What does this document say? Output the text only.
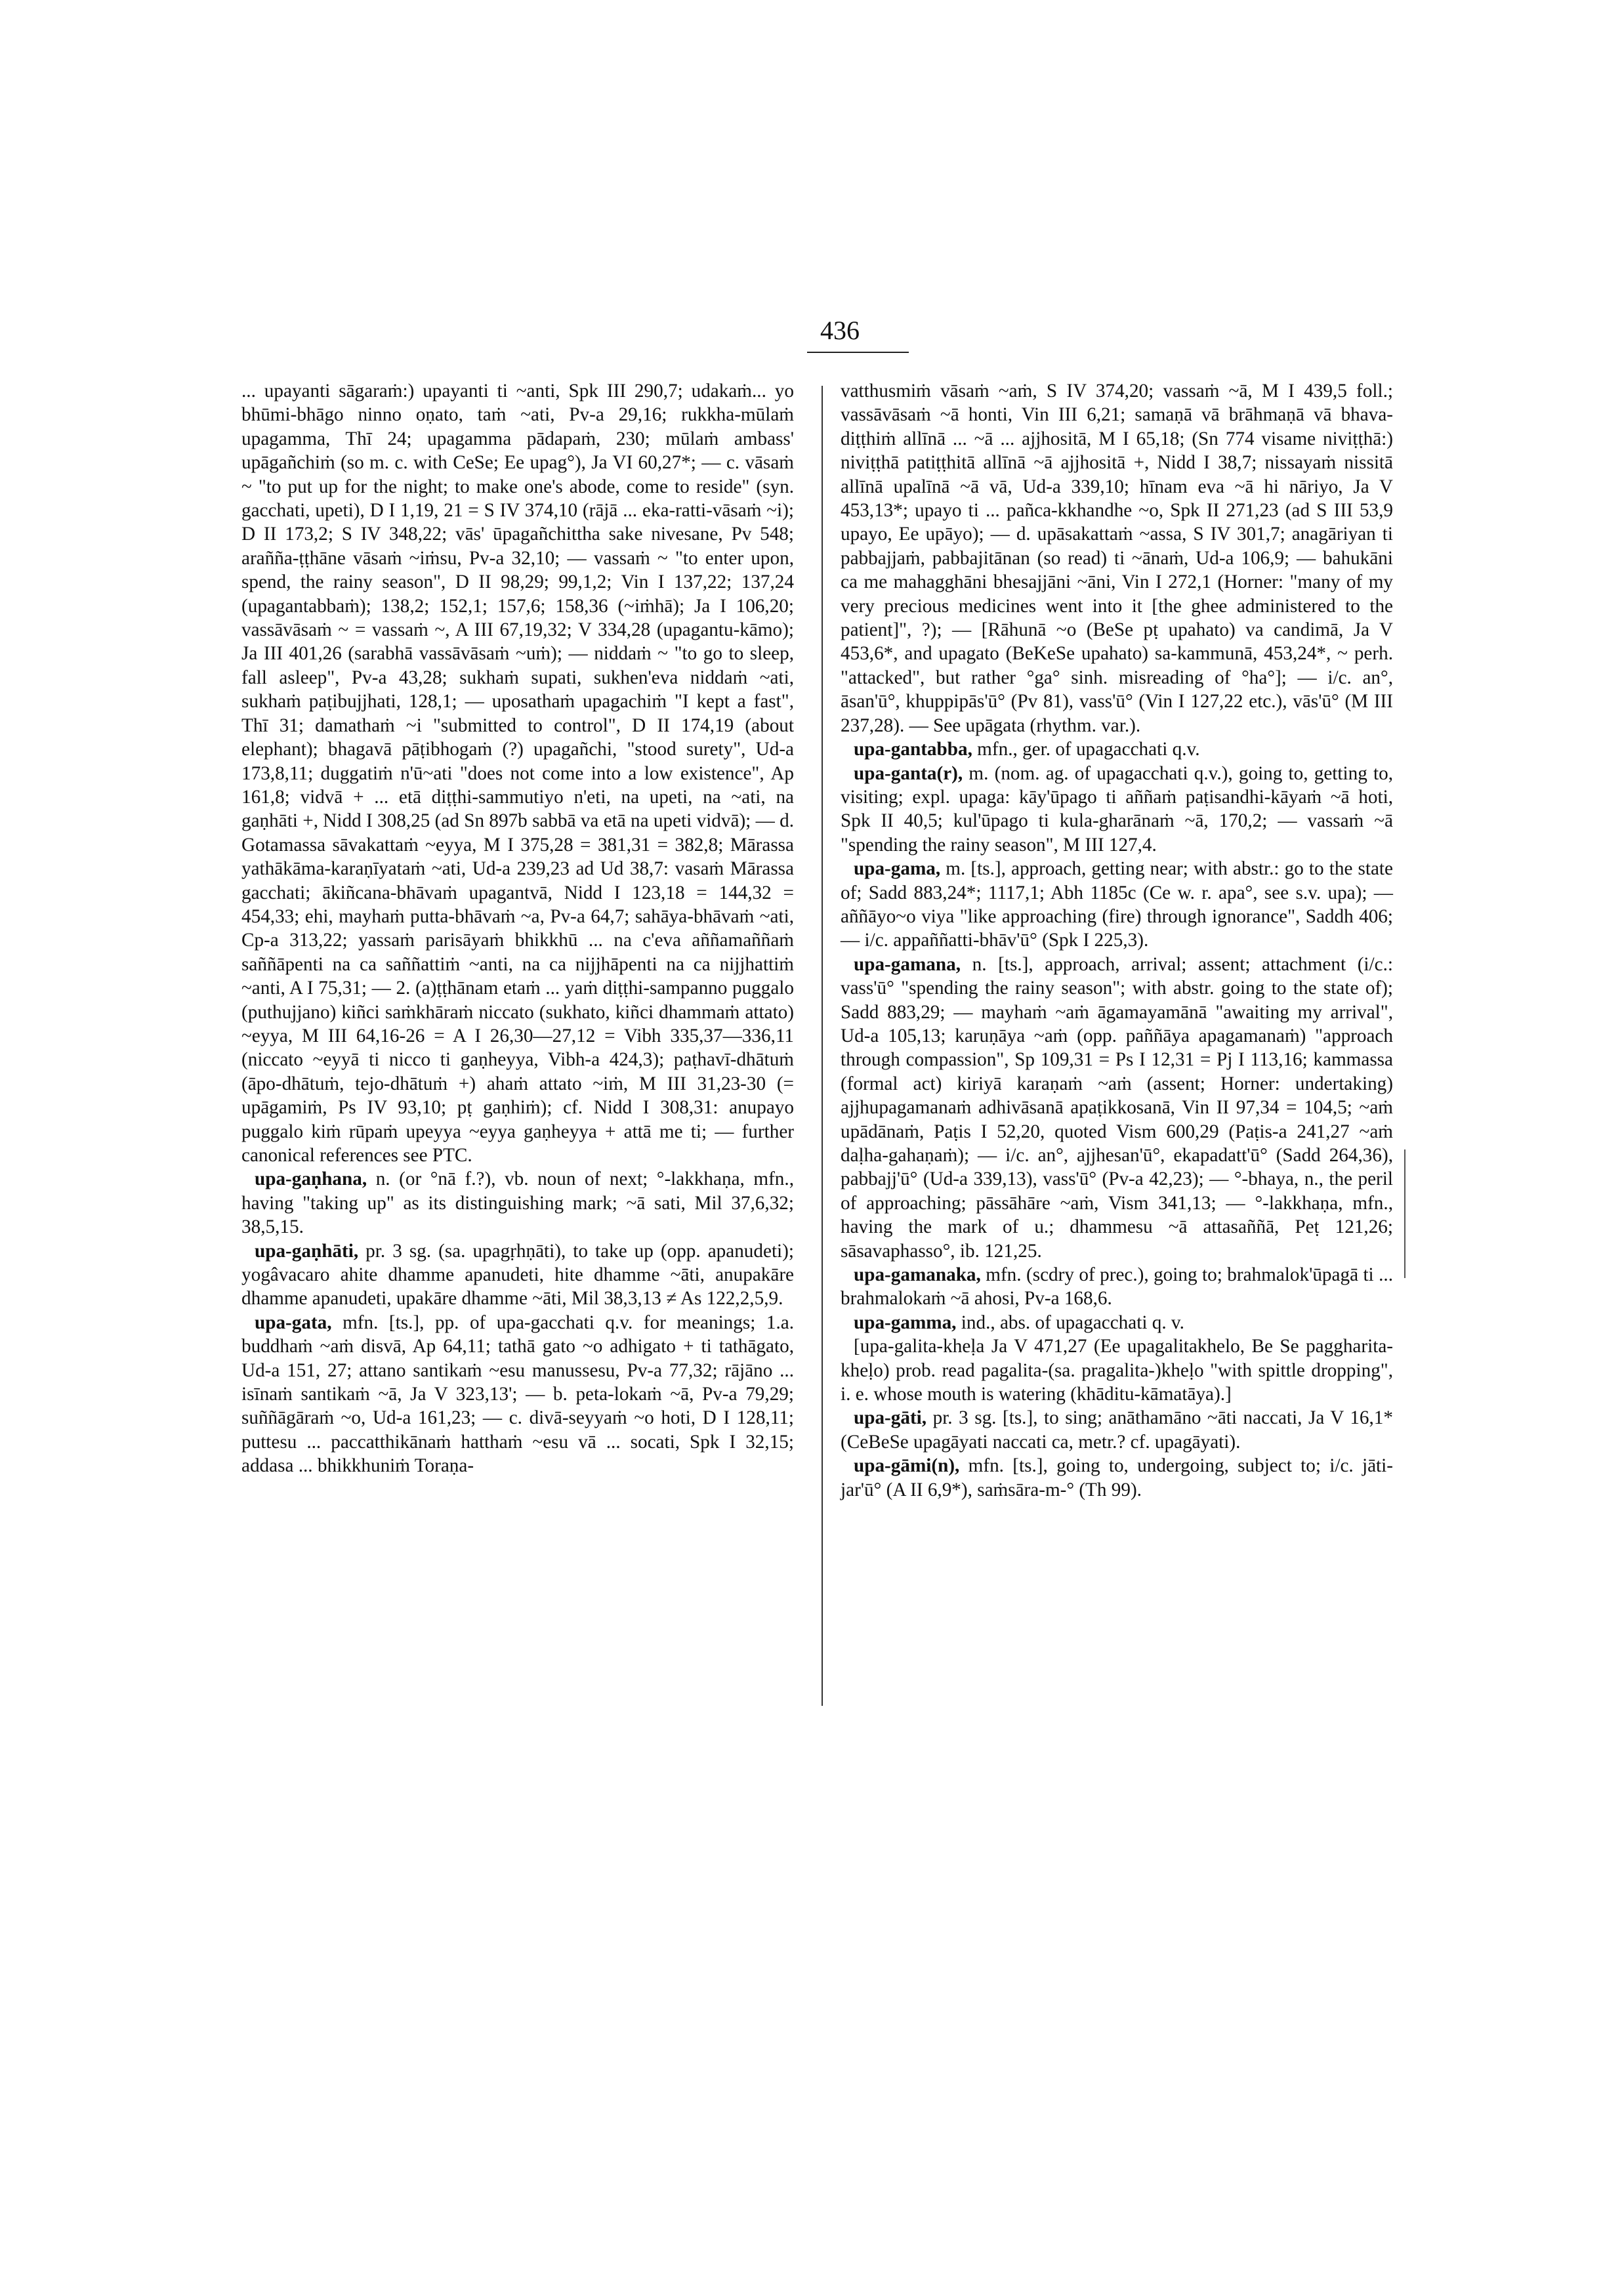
436

... upayanti sāgaraṁ:) upayanti ti ~anti, Spk III 290,7; udakaṁ... yo bhūmi-bhāgo ninno oṇato, taṁ ~ati, Pv-a 29,16; rukkha-mūlaṁ upagamma, Thī 24; upagamma pādapaṁ, 230; mūlaṁ ambass' upāgañchiṁ (so m. c. with CeSe; Ee upag°), Ja VI 60,27*; — c. vāsaṁ ~ "to put up for the night; to make one's abode, come to reside" (syn. gacchati, upeti), D I 1,19, 21 = S IV 374,10 (rājā ... eka-ratti-vāsaṁ ~i); D II 173,2; S IV 348,22; vās' ūpagañchittha sake nivesane, Pv 548; arañña-ṭṭhāne vāsaṁ ~iṁsu, Pv-a 32,10; — vassaṁ ~ "to enter upon, spend, the rainy season", D II 98,29; 99,1,2; Vin I 137,22; 137,24 (upagantabbaṁ); 138,2; 152,1; 157,6; 158,36 (~iṁhā); Ja I 106,20; vassāvāsaṁ ~ = vassaṁ ~, A III 67,19,32; V 334,28 (upagantu-kāmo); Ja III 401,26 (sarabhā vassāvāsaṁ ~uṁ); — niddaṁ ~ "to go to sleep, fall asleep", Pv-a 43,28; sukhaṁ supati, sukhen'eva niddaṁ ~ati, sukhaṁ paṭibujjhati, 128,1; — uposathaṁ upagachiṁ "I kept a fast", Thī 31; damathaṁ ~i "submitted to control", D II 174,19 (about elephant); bhagavā pāṭibhogaṁ (?) upagañchi, "stood surety", Ud-a 173,8,11; duggatiṁ n'ū~ati "does not come into a low existence", Ap 161,8; vidvā + ... etā diṭṭhi-sammutiyo n'eti, na upeti, na ~ati, na gaṇhāti +, Nidd I 308,25 (ad Sn 897b sabbā va etā na upeti vidvā); — d. Gotamassa sāvakattaṁ ~eyya, M I 375,28 = 381,31 = 382,8; Mārassa yathākāma-karaṇīyataṁ ~ati, Ud-a 239,23 ad Ud 38,7: vasaṁ Mārassa gacchati; ākiñcana-bhāvaṁ upagantvā, Nidd I 123,18 = 144,32 = 454,33; ehi, mayhaṁ putta-bhāvaṁ ~a, Pv-a 64,7; sahāya-bhāvaṁ ~ati, Cp-a 313,22; yassaṁ parisāyaṁ bhikkhū ... na c'eva aññamaññaṁ saññāpenti na ca saññattiṁ ~anti, na ca nijjhāpenti na ca nijjhattiṁ ~anti, A I 75,31; — 2. (a)ṭṭhānam etaṁ ... yaṁ diṭṭhi-sampanno puggalo (puthujjano) kiñci saṁkhāraṁ niccato (sukhato, kiñci dhammaṁ attato) ~eyya, M III 64,16-26 = A I 26,30—27,12 = Vibh 335,37—336,11 (niccato ~eyyā ti nicco ti gaṇheyya, Vibh-a 424,3); paṭhavī-dhātuṁ (āpo-dhātuṁ, tejo-dhātuṁ +) ahaṁ attato ~iṁ, M III 31,23-30 (= upāgamiṁ, Ps IV 93,10; pṭ gaṇhiṁ); cf. Nidd I 308,31: anupayo puggalo kiṁ rūpaṁ upeyya ~eyya gaṇheyya + attā me ti; — further canonical references see PTC.

upa-gaṇhana, n. (or °nā f.?), vb. noun of next; °-lakkhaṇa, mfn., having "taking up" as its distinguishing mark; ~ā sati, Mil 37,6,32; 38,5,15.

upa-gaṇhāti, pr. 3 sg. (sa. upagṛhṇāti), to take up (opp. apanudeti); yogâvacaro ahite dhamme apanudeti, hite dhamme ~āti, anupakāre dhamme apanudeti, upakāre dhamme ~āti, Mil 38,3,13 ≠ As 122,2,5,9.

upa-gata, mfn. [ts.], pp. of upa-gacchati q.v. for meanings; 1.a. buddhaṁ ~aṁ disvā, Ap 64,11; tathā gato ~o adhigato + ti tathāgato, Ud-a 151, 27; attano santikaṁ ~esu manussesu, Pv-a 77,32; rājāno ... isīnaṁ santikaṁ ~ā, Ja V 323,13'; — b. peta-lokaṁ ~ā, Pv-a 79,29; suññāgāraṁ ~o, Ud-a 161,23; — c. divā-seyyaṁ ~o hoti, D I 128,11; puttesu ... paccatthikānaṁ hatthaṁ ~esu vā ... socati, Spk I 32,15; addasa ... bhikkhuniṁ Toraṇa-

vatthusmiṁ vāsaṁ ~aṁ, S IV 374,20; vassaṁ ~ā, M I 439,5 foll.; vassāvāsaṁ ~ā honti, Vin III 6,21; samaṇā vā brāhmaṇā vā bhava-diṭṭhiṁ allīnā ... ~ā ... ajjhositā, M I 65,18; (Sn 774 visame niviṭṭhā:) niviṭṭhā patiṭṭhitā allīnā ~ā ajjhositā +, Nidd I 38,7; nissayaṁ nissitā allīnā upalīnā ~ā vā, Ud-a 339,10; hīnam eva ~ā hi nāriyo, Ja V 453,13*; upayo ti ... pañca-kkhandhe ~o, Spk II 271,23 (ad S III 53,9 upayo, Ee upāyo); — d. upāsakattaṁ ~assa, S IV 301,7; anagāriyan ti pabbajjaṁ, pabbajitānan (so read) ti ~ānaṁ, Ud-a 106,9; — bahukāni ca me mahagghāni bhesajjāni ~āni, Vin I 272,1 (Horner: "many of my very precious medicines went into it [the ghee administered to the patient]", ?); — [Rāhunā ~o (BeSe pṭ upahato) va candimā, Ja V 453,6*, and upagato (BeKeSe upahato) sa-kammunā, 453,24*, ~ perh. "attacked", but rather °ga° sinh. misreading of °ha°]; — i/c. an°, āsan'ū°, khuppipās'ū° (Pv 81), vass'ū° (Vin I 127,22 etc.), vās'ū° (M III 237,28). — See upāgata (rhythm. var.).

upa-gantabba, mfn., ger. of upagacchati q.v.

upa-ganta(r), m. (nom. ag. of upagacchati q.v.), going to, getting to, visiting; expl. upaga: kāy'ūpago ti aññaṁ paṭisandhi-kāyaṁ ~ā hoti, Spk II 40,5; kul'ūpago ti kula-gharānaṁ ~ā, 170,2; — vassaṁ ~ā "spending the rainy season", M III 127,4.

upa-gama, m. [ts.], approach, getting near; with abstr.: go to the state of; Sadd 883,24*; 1117,1; Abh 1185c (Ce w. r. apa°, see s.v. upa); — aññāyo~o viya "like approaching (fire) through ignorance", Saddh 406; — i/c. appaññatti-bhāv'ū° (Spk I 225,3).

upa-gamana, n. [ts.], approach, arrival; assent; attachment (i/c.: vass'ū° "spending the rainy season"; with abstr. going to the state of); Sadd 883,29; — mayhaṁ ~aṁ āgamayamānā "awaiting my arrival", Ud-a 105,13; karuṇāya ~aṁ (opp. paññāya apagamanaṁ) "approach through compassion", Sp 109,31 = Ps I 12,31 = Pj I 113,16; kammassa (formal act) kiriyā karaṇaṁ ~aṁ (assent; Horner: undertaking) ajjhupagamanaṁ adhivāsanā apaṭikkosanā, Vin II 97,34 = 104,5; ~aṁ upādānaṁ, Paṭis I 52,20, quoted Vism 600,29 (Paṭis-a 241,27 ~aṁ daḷha-gahaṇaṁ); — i/c. an°, ajjhesan'ū°, ekapadatt'ū° (Sadd 264,36), pabbajj'ū° (Ud-a 339,13), vass'ū° (Pv-a 42,23); — °-bhaya, n., the peril of approaching; pāssāhāre ~aṁ, Vism 341,13; — °-lakkhaṇa, mfn., having the mark of u.; dhammesu ~ā attasaññā, Peṭ 121,26; sāsavaphasso°, ib. 121,25.

upa-gamanaka, mfn. (scdry of prec.), going to; brahmalok'ūpagā ti ... brahmalokaṁ ~ā ahosi, Pv-a 168,6.

upa-gamma, ind., abs. of upagacchati q. v.

[upa-galita-kheḷa Ja V 471,27 (Ee upagalitakhelo, Be Se paggharita-kheḷo) prob. read pagalita-(sa. pragalita-)kheḷo "with spittle dropping", i. e. whose mouth is watering (khāditu-kāmatāya).]

upa-gāti, pr. 3 sg. [ts.], to sing; anāthamāno ~āti naccati, Ja V 16,1* (CeBeSe upagāyati naccati ca, metr.? cf. upagāyati).

upa-gāmi(n), mfn. [ts.], going to, undergoing, subject to; i/c. jāti-jar'ū° (A II 6,9*), saṁsāra-m-° (Th 99).
